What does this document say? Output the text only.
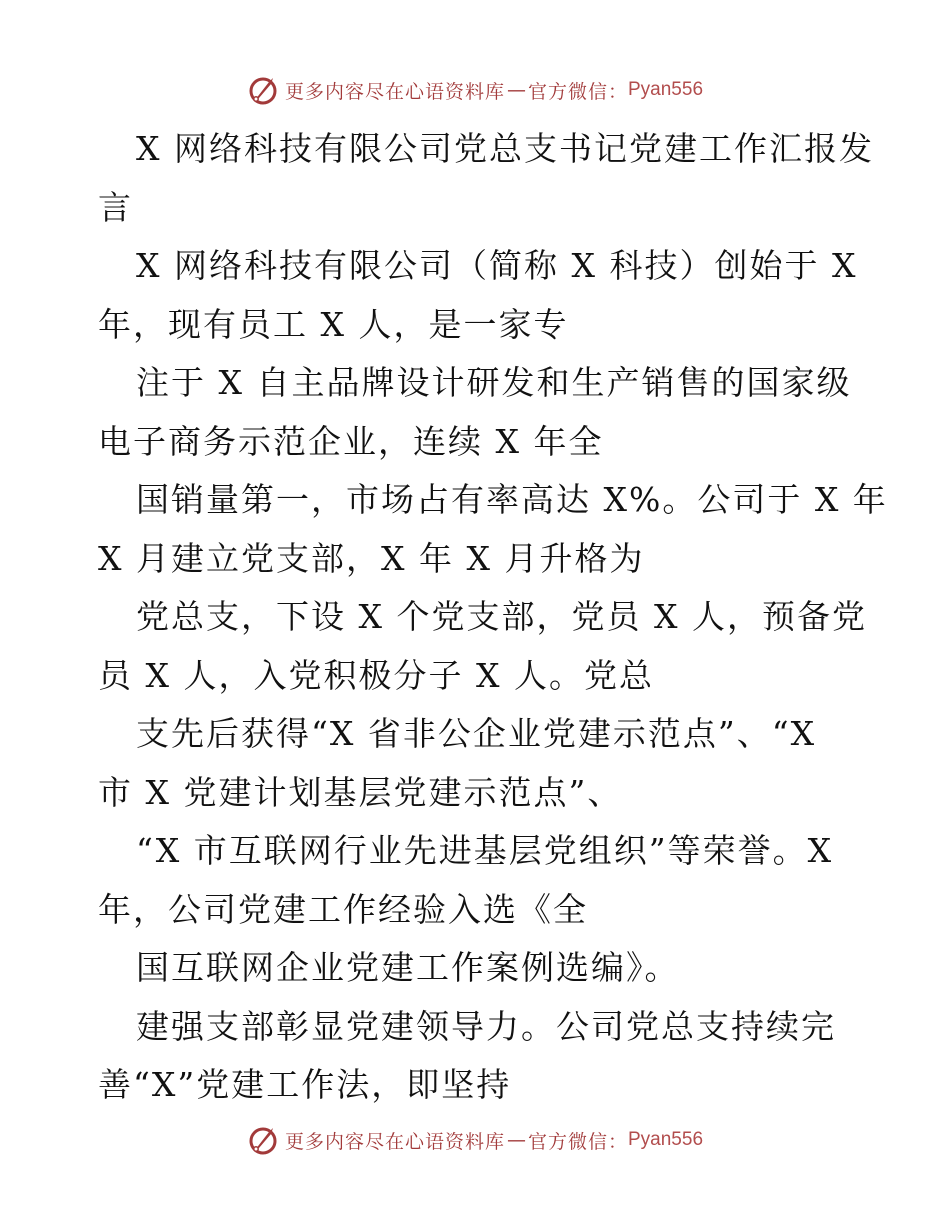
更多内容尽在心语资料库 — 官方微信： Pyan556

X 网络科技有限公司党总支书记党建工作汇报发
言

X 网络科技有限公司（简称 X 科技）创始于 X
年，现有员工 X 人，是一家专

注于 X 自主品牌设计研发和生产销售的国家级
电子商务示范企业，连续 X 年全

国销量第一，市场占有率高达 X%。公司于 X 年
X 月建立党支部，X 年 X 月升格为

党总支，下设 X 个党支部，党员 X 人，预备党
员 X 人，入党积极分子 X 人。党总

支先后获得“X 省非公企业党建示范点”、“X
市 X 党建计划基层党建示范点”、

“X 市互联网行业先进基层党组织”等荣誉。X
年，公司党建工作经验入选《全

国互联网企业党建工作案例选编》。

建强支部彰显党建领导力。公司党总支持续完
善“X”党建工作法，即坚持

更多内容尽在心语资料库 — 官方微信： Pyan556
